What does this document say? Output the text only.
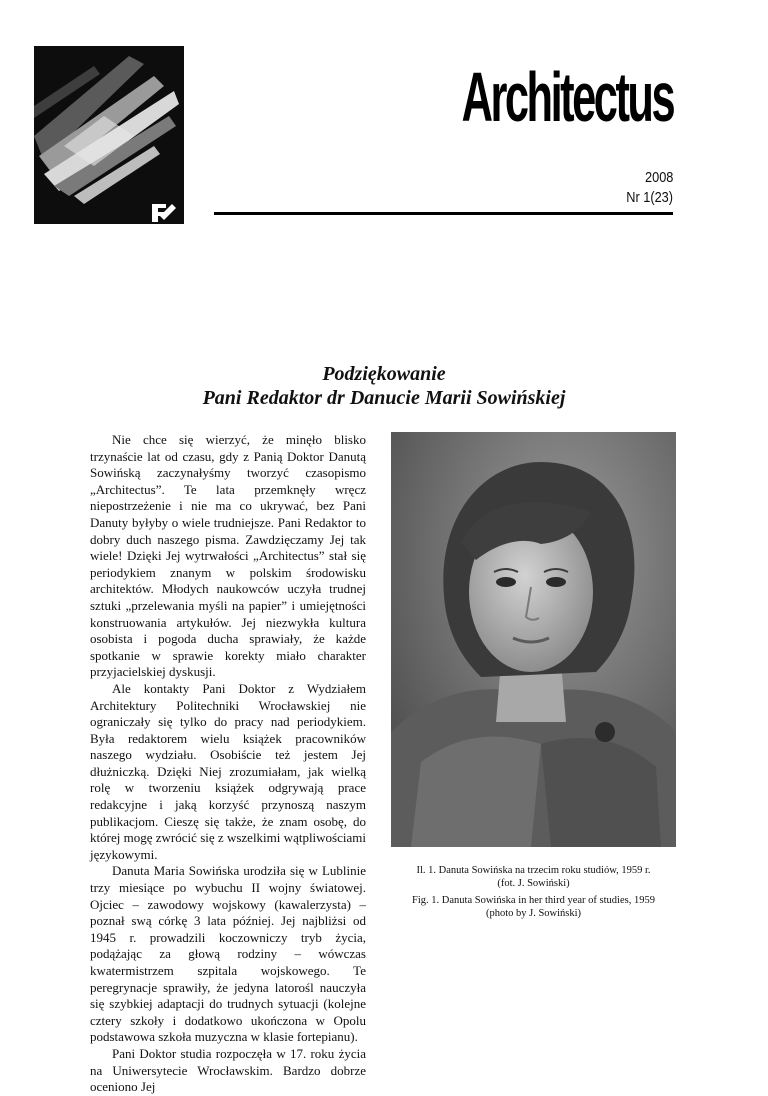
Architectus
2008
Nr 1(23)
Podziękowanie
Pani Redaktor dr Danucie Marii Sowińskiej

Nie chce się wierzyć, że minęło blisko trzynaście lat od czasu, gdy z Panią Doktor Danutą Sowińską zaczynałyśmy tworzyć czasopismo „Architectus”. Te lata przemknęły wręcz niepostrzeżenie i nie ma co ukrywać, bez Pani Danuty byłyby o wiele trudniejsze. Pani Redaktor to dobry duch naszego pisma. Zawdzięczamy Jej tak wiele! Dzięki Jej wytrwałości „Architectus” stał się periodykiem znanym w polskim środowisku architektów. Młodych naukowców uczyła trudnej sztuki „przelewania myśli na papier” i umiejętności konstruowania artykułów. Jej niezwykła kultura osobista i pogoda ducha sprawiały, że każde spotkanie w sprawie korekty miało charakter przyjacielskiej dyskusji.

Ale kontakty Pani Doktor z Wydziałem Architektury Politechniki Wrocławskiej nie ograniczały się tylko do pracy nad periodykiem. Była redaktorem wielu książek pracowników naszego wydziału. Osobiście też jestem Jej dłużniczką. Dzięki Niej zrozumiałam, jak wielką rolę w tworzeniu książek odgrywają prace redakcyjne i jaką korzyść przynoszą naszym publikacjom. Cieszę się także, że znam osobę, do której mogę zwrócić się z wszelkimi wątpliwościami językowymi.

Danuta Maria Sowińska urodziła się w Lublinie trzy miesiące po wybuchu II wojny światowej. Ojciec – zawodowy wojskowy (kawalerzysta) – poznał swą córkę 3 lata później. Jej najbliżsi od 1945 r. prowadzili koczowniczy tryb życia, podążając za głową rodziny – wówczas kwatermistrzem szpitala wojskowego. Te peregrynacje sprawiły, że jedyna latorośl nauczyła się szybkiej adaptacji do trudnych sytuacji (kolejne cztery szkoły i dodatkowo ukończona w Opolu podstawowa szkoła muzyczna w klasie fortepianu).

Pani Doktor studia rozpoczęła w 17. roku życia na Uniwersytecie Wrocławskim. Bardzo dobrze oceniono Jej

Il. 1. Danuta Sowińska na trzecim roku studiów, 1959 r.
(fot. J. Sowiński)
Fig. 1. Danuta Sowińska in her third year of studies, 1959
(photo by J. Sowiński)
